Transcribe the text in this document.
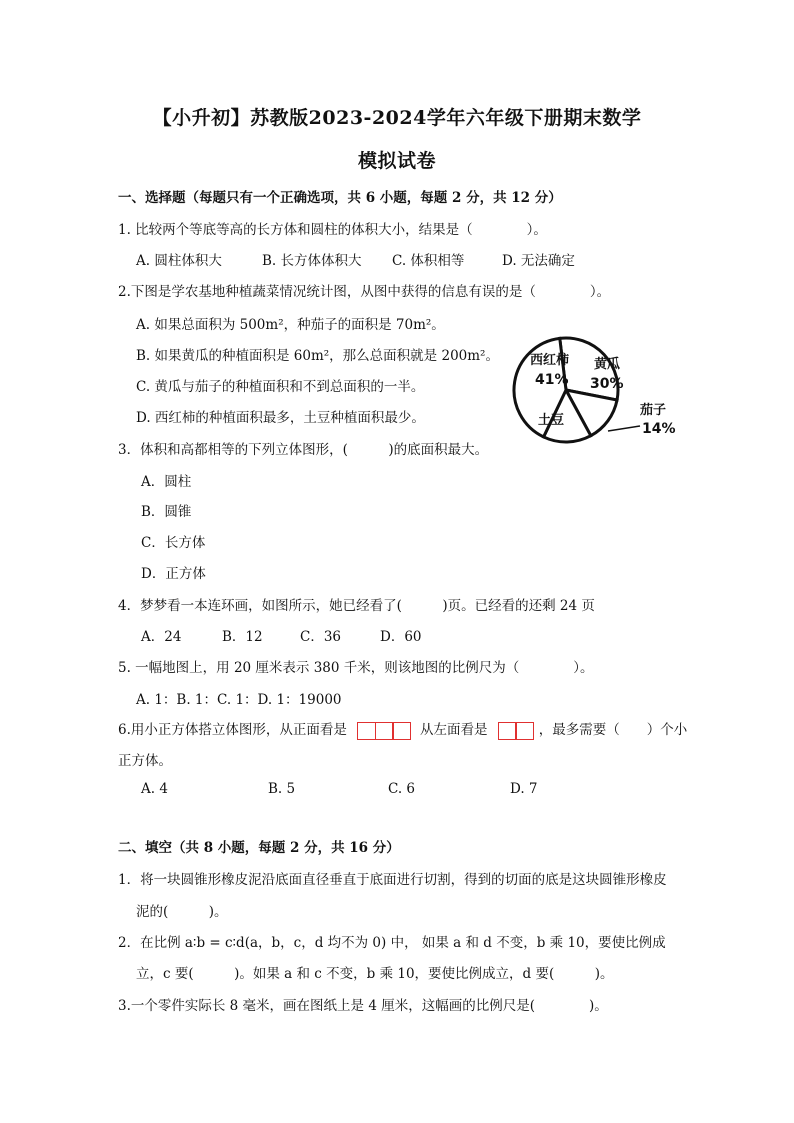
【小升初】苏教版2023-2024学年六年级下册期末数学
模拟试卷
一、选择题（每题只有一个正确选项，共 6 小题，每题 2 分，共 12 分）
1. 比较两个等底等高的长方体和圆柱的体积大小，结果是（　　　　）。
A. 圆柱体积大	B. 长方体体积大 C. 体积相等	D. 无法确定
2.下图是学农基地种植蔬菜情况统计图，从图中获得的信息有误的是（　　　　）。
A. 如果总面积为 500m²，种茄子的面积是 70m²。
B. 如果黄瓜的种植面积是 60m²，那么总面积就是 200m²。
C. 黄瓜与茄子的种植面积和不到总面积的一半。
D. 西红柿的种植面积最多，土豆种植面积最少。
西红柿
41%
黄瓜
30%
土豆
茄子
14%
3．体积和高都相等的下列立体图形，(　　　)的底面积最大。
A．圆柱
B．圆锥
C．长方体
D．正方体
4．梦梦看一本连环画，如图所示，她已经看了(　　　)页。已经看的还剩 24 页
A．24	B．12	C．36	D．60
5. 一幅地图上，用 20 厘米表示 380 千米，则该地图的比例尺为（　　　　）。
A. 1：B. 1：C. 1：D. 1：19000
6.用小正方体搭立体图形，从正面看是	从左面看是	，最多需要（　　）个小
正方体。
A. 4	B. 5	C. 6	D. 7
二、填空（共 8 小题，每题 2 分，共 16 分）
1．将一块圆锥形橡皮泥沿底面直径垂直于底面进行切割，得到的切面的底是这块圆锥形橡皮
泥的(　　　)。
2．在比例 a∶b = c∶d(a，b，c，d 均不为 0) 中， 如果 a 和 d 不变，b 乘 10，要使比例成
立，c 要(　　　)。如果 a 和 c 不变，b 乘 10，要使比例成立，d 要(　　　)。
3.一个零件实际长 8 毫米，画在图纸上是 4 厘米，这幅画的比例尺是(　　　　)。
